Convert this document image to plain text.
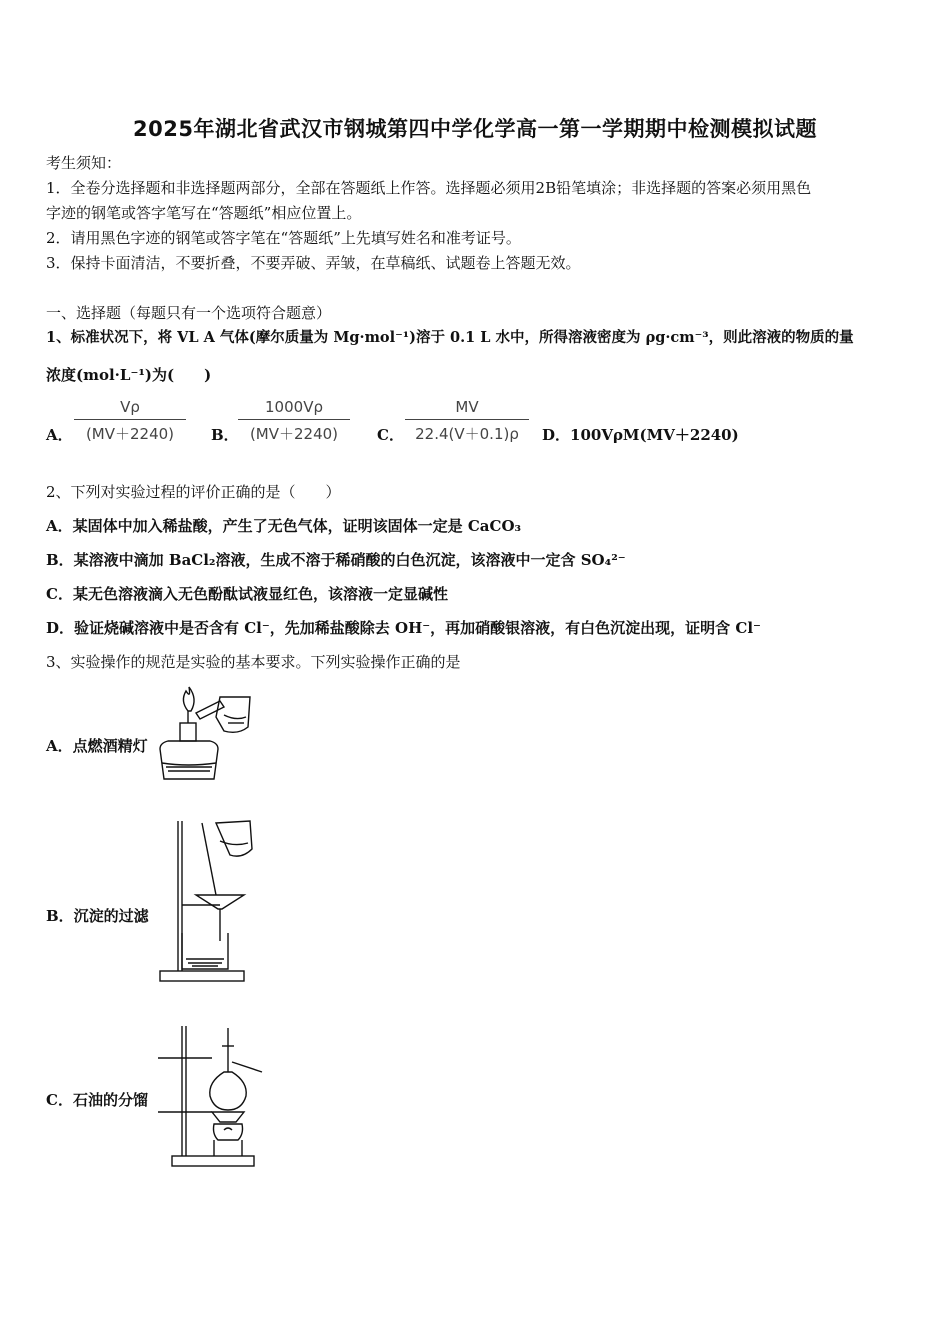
2025年湖北省武汉市钢城第四中学化学高一第一学期期中检测模拟试题
考生须知：
1．全卷分选择题和非选择题两部分，全部在答题纸上作答。选择题必须用2B铅笔填涂；非选择题的答案必须用黑色
字迹的钢笔或答字笔写在“答题纸”相应位置上。
2．请用黑色字迹的钢笔或答字笔在“答题纸”上先填写姓名和准考证号。
3．保持卡面清洁，不要折叠，不要弄破、弄皱，在草稿纸、试题卷上答题无效。
一、选择题（每题只有一个选项符合题意）
1、标准状况下，将 VL A 气体(摩尔质量为 Mg·mol⁻¹)溶于 0.1 L 水中，所得溶液密度为 ρg·cm⁻³，则此溶液的物质的量
浓度(mol·L⁻¹)为(　　)
A．
Vρ
(MV＋2240)	B．
1000Vρ
(MV＋2240)	C．
MV
22.4(V＋0.1)ρ	D．100VρM(MV＋2240)
2、下列对实验过程的评价正确的是（　　）
A．某固体中加入稀盐酸，产生了无色气体，证明该固体一定是 CaCO₃
B．某溶液中滴加 BaCl₂溶液，生成不溶于稀硝酸的白色沉淀，该溶液中一定含 SO₄²⁻
C．某无色溶液滴入无色酚酞试液显红色，该溶液一定显碱性
D．验证烧碱溶液中是否含有 Cl⁻，先加稀盐酸除去 OH⁻，再加硝酸银溶液，有白色沉淀出现，证明含 Cl⁻
3、实验操作的规范是实验的基本要求。下列实验操作正确的是
A．点燃酒精灯
B．沉淀的过滤
C．石油的分馏
